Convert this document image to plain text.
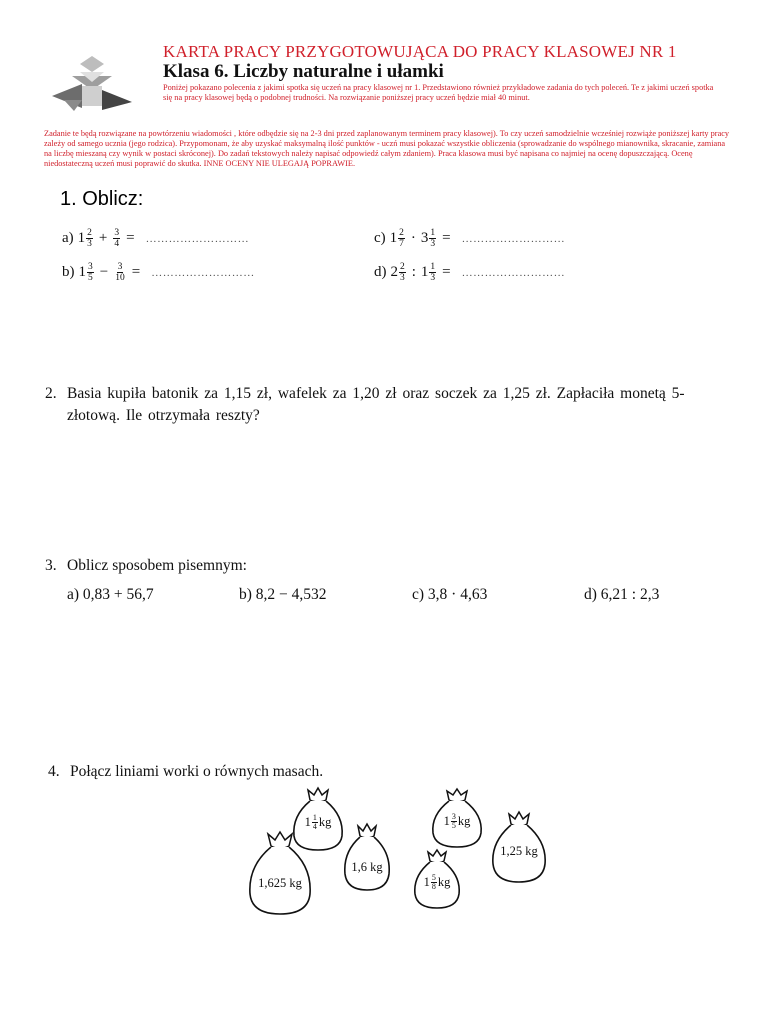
KARTA PRACY PRZYGOTOWUJĄCA DO PRACY KLASOWEJ NR 1
Klasa 6. Liczby naturalne i ułamki
Poniżej pokazano polecenia z jakimi spotka się uczeń na pracy klasowej nr 1. Przedstawiono również przykładowe zadania do tych poleceń. Te z jakimi uczeń spotka się na pracy klasowej będą o podobnej trudności. Na rozwiązanie poniższej pracy uczeń będzie miał 40 minut.
Zadanie te będą rozwiązane na powtórzeniu wiadomości , które odbędzie się na 2-3 dni przed zaplanowanym terminem pracy klasowej). To czy uczeń samodzielnie wcześniej rozwiąże poniższej karty pracy zależy od samego ucznia (jego rodzica). Przypomonam, że aby uzyskać maksymalną ilość punktów - uczń musi pokazać wszystkie obliczenia (sprowadzanie do wspólnego mianownika, skracanie, zamiana na liczbę mieszaną czy wynik w postaci skróconej). Do zadań tekstowych należy napisać odpowiedź całym zdaniem). Praca klasowa musi być napisana co najmiej na ocenę dopuszczającą. Ocenę niedostateczną uczeń musi poprawić do skutka. INNE OCENY NIE ULEGAJĄ POPRAWIE.
1. Oblicz:
a) $1 \frac{2}{3} + \frac{3}{4}$ = ………………………
b) $1 \frac{3}{5} - \frac{3}{10}$ = ………………………
c) $1 \frac{2}{7} \cdot 3 \frac{1}{3}$ = ………………………
d) $2 \frac{2}{3}$ : $1 \frac{1}{3}$ = ………………………
2. Basia kupiła batonik za 1,15 zł, wafelek za 1,20 zł oraz soczek za 1,25 zł. Zapłaciła monetą 5-złotową. Ile otrzymała reszty?
3. Oblicz sposobem pisemnym:
a) 0,83 + 56,7	b) 8,2 − 4,532	c) 3,8 · 4,63	d) 6,21 : 2,3
4. Połącz liniami worki o równych masach.
$1 \frac{1}{4}$ kg
1,625 kg
1,6 kg
$1 \frac{5}{8}$ kg
$1 \frac{3}{5}$ kg
1,25 kg
